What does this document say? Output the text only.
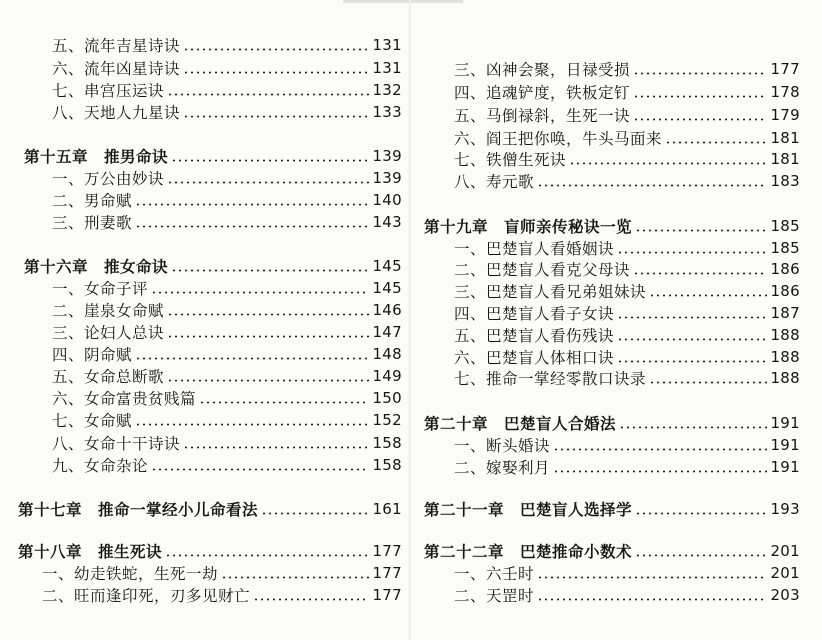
五、流年吉星诗诀	131
六、流年凶星诗诀	131
七、串宫压运诀	132
八、天地人九星诀	133
第十五章  推男命诀	139
一、万公由妙诀	139
二、男命赋	140
三、刑妻歌	143
第十六章  推女命诀	145
一、女命子评	145
二、崖泉女命赋	146
三、论妇人总诀	147
四、阴命赋	148
五、女命总断歌	149
六、女命富贵贫贱篇	150
七、女命赋	152
八、女命十干诗诀	158
九、女命杂论	158
第十七章  推命一掌经小儿命看法	161
第十八章  推生死诀	177
一、幼走铁蛇，生死一劫	177
二、旺而逢印死，刃多见财亡	177
三、凶神会聚，日禄受损	177
四、追魂铲度，铁板定钉	178
五、马倒禄斜，生死一诀	179
六、阎王把你唤，牛头马面来	181
七、铁僧生死诀	181
八、寿元歌	183
第十九章  盲师亲传秘诀一览	185
一、巴楚盲人看婚姻诀	185
二、巴楚盲人看克父母诀	186
三、巴楚盲人看兄弟姐妹诀	186
四、巴楚盲人看子女诀	187
五、巴楚盲人看伤残诀	188
六、巴楚盲人体相口诀	188
七、推命一掌经零散口诀录	188
第二十章  巴楚盲人合婚法	191
一、断头婚诀	191
二、嫁娶利月	191
第二十一章  巴楚盲人选择学	193
第二十二章  巴楚推命小数术	201
一、六壬时	201
二、天罡时	203
